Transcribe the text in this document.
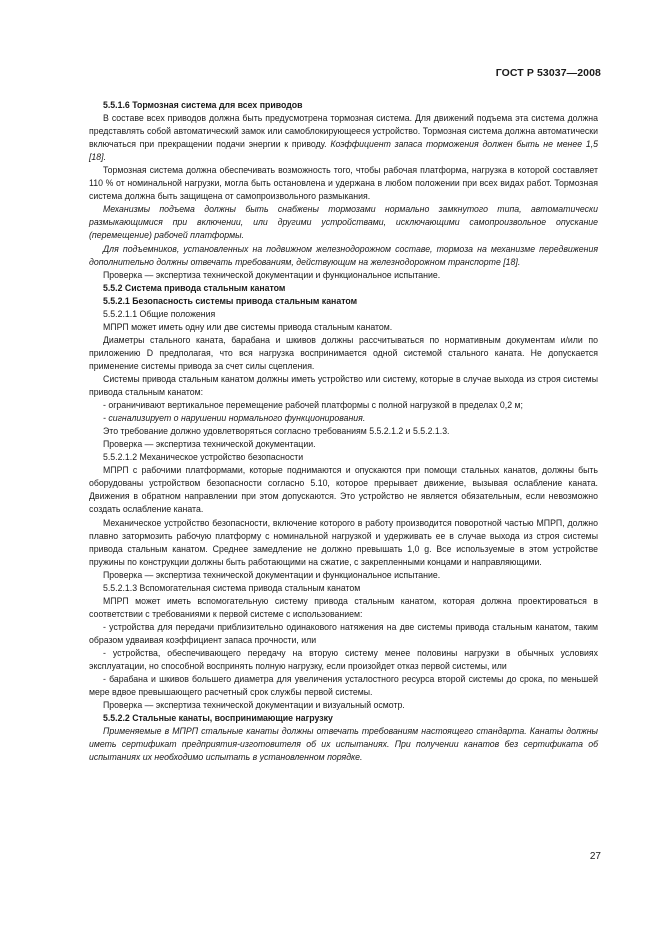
ГОСТ Р 53037—2008

5.5.1.6 Тормозная система для всех приводов

В составе всех приводов должна быть предусмотрена тормозная система. Для движений подъема эта система должна представлять собой автоматический замок или самоблокирующееся устройство. Тормозная система должна автоматически включаться при прекращении подачи энергии к приводу. Коэффициент запаса торможения должен быть не менее 1,5 [18].

Тормозная система должна обеспечивать возможность того, чтобы рабочая платформа, нагрузка в которой составляет 110 % от номинальной нагрузки, могла быть остановлена и удержана в любом положении при всех видах работ. Тормозная система должна быть защищена от самопроизвольного размыкания.

Механизмы подъема должны быть снабжены тормозами нормально замкнутого типа, автоматически размыкающимися при включении, или другими устройствами, исключающими самопроизвольное опускание (перемещение) рабочей платформы.

Для подъемников, установленных на подвижном железнодорожном составе, тормоза на механизме передвижения дополнительно должны отвечать требованиям, действующим на железнодорожном транспорте [18].

Проверка — экспертиза технической документации и функциональное испытание.

5.5.2 Система привода стальным канатом

5.5.2.1 Безопасность системы привода стальным канатом

5.5.2.1.1 Общие положения

МПРП может иметь одну или две системы привода стальным канатом.

Диаметры стального каната, барабана и шкивов должны рассчитываться по нормативным документам и/или по приложению D предполагая, что вся нагрузка воспринимается одной системой стального каната. Не допускается применение системы привода за счет силы сцепления.

Системы привода стальным канатом должны иметь устройство или систему, которые в случае выхода из строя системы привода стальным канатом:

- ограничивают вертикальное перемещение рабочей платформы с полной нагрузкой в пределах 0,2 м;

- сигнализирует о нарушении нормального функционирования.

Это требование должно удовлетворяться согласно требованиям 5.5.2.1.2 и 5.5.2.1.3.

Проверка — экспертиза технической документации.

5.5.2.1.2 Механическое устройство безопасности

МПРП с рабочими платформами, которые поднимаются и опускаются при помощи стальных канатов, должны быть оборудованы устройством безопасности согласно 5.10, которое прерывает движение, вызывая ослабление каната. Движения в обратном направлении при этом допускаются. Это устройство не является обязательным, если невозможно создать ослабление каната.

Механическое устройство безопасности, включение которого в работу производится поворотной частью МПРП, должно плавно затормозить рабочую платформу с номинальной нагрузкой и удерживать ее в случае выхода из строя системы привода стальным канатом. Среднее замедление не должно превышать 1,0 g. Все используемые в этом устройстве пружины по конструкции должны быть работающими на сжатие, с закрепленными концами и направляющими.

Проверка — экспертиза технической документации и функциональное испытание.

5.5.2.1.3 Вспомогательная система привода стальным канатом

МПРП может иметь вспомогательную систему привода стальным канатом, которая должна проектироваться в соответствии с требованиями к первой системе с использованием:

- устройства для передачи приблизительно одинакового натяжения на две системы привода стальным канатом, таким образом удваивая коэффициент запаса прочности, или

- устройства, обеспечивающего передачу на вторую систему менее половины нагрузки в обычных условиях эксплуатации, но способной воспринять полную нагрузку, если произойдет отказ первой системы, или

- барабана и шкивов большего диаметра для увеличения усталостного ресурса второй системы до срока, по меньшей мере вдвое превышающего расчетный срок службы первой системы.

Проверка — экспертиза технической документации и визуальный осмотр.

5.5.2.2 Стальные канаты, воспринимающие нагрузку

Применяемые в МПРП стальные канаты должны отвечать требованиям настоящего стандарта. Канаты должны иметь сертификат предприятия-изготовителя об их испытаниях. При получении канатов без сертификата об испытаниях их необходимо испытать в установленном порядке.

27
